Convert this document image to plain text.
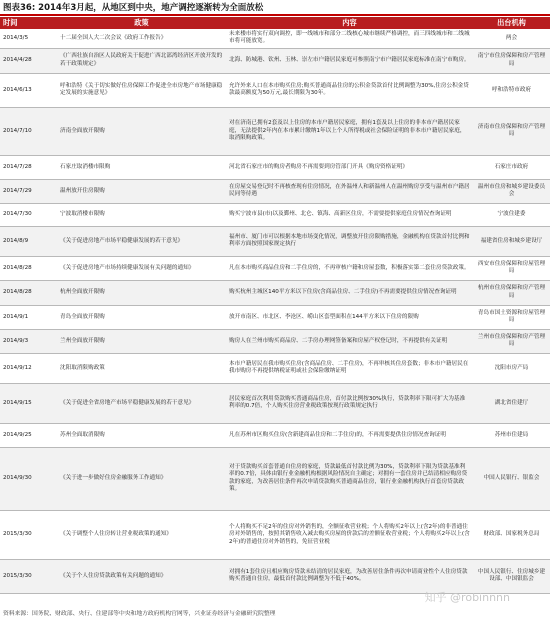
图表36: 2014年3月起，从地区到中央，地产调控逐渐转为全面放松
时间	政策	内容	出台机构
2014/3/5	十二届全国人大二次会议《政府工作报告》	未来楼市将实行双向调控，即一线城市和部分二线核心城市继续严格调控，而三四线城市和二线城市将可能放宽。	两会
2014/4/28	《广西壮族自治区人民政府关于促进广西北部湾经济区开放开发的若干政策规定》	北海、防城港、钦州、玉林、崇左市户籍居民家庭可参照南宁市户籍居民家庭标准在南宁市购房。	南宁市住房保障和房产管理局
2014/6/13	呼和浩特《关于切实做好住房保障工作促进全市房地产市场健康稳定发展的实施意见》	允许外来人口在本市购买住房;购买普通商品住房的公积金贷款首付比例调整为30%,住房公积金贷款最高额度为50万元,最长期限为30年。	呼和浩特市政府
2014/7/10	济南全面放开限购	对在济南已拥有2套及以上住房的本市户籍居民家庭，拥有1套及以上住房的非本市户籍居民家庭，无法提供2年内在本市累计缴纳1年以上个人所得税或社会保险证明的非本市户籍居民家庭，取消限购政策。	济南市住房保障和房产管理局
2014/7/28	石家庄取消楼市限购	河北省石家庄市的购房者购房不再需要到房管部门开具《购房资格证明》	石家庄市政府
2014/7/29	温州放开住房限购	在房屋交易登记时不再核查现有住房情况，在外温州人和新温州人在温州购房享受与温州市户籍居民同等待遇	温州市住房和城乡建设委员会
2014/7/30	宁波取消楼市限购	购买宁波市县(市)以及鄞州、北仑、镇海、高新区住房，不需要提供家庭住房情况查询证明	宁波住建委
2014/8/9	《关于促进房地产市场平稳健康发展的若干意见》	福州市、厦门市可以根据本地市场变化情况，调整放开住房限购措施，金融机构在贷款首付比例和利率方面按照国家规定执行	福建省住房和城乡建设厅
2014/8/28	《关于促进房地产市场持续健康发展有关问题的通知》	凡在本市购买商品住房和二手住房的，不再审核户籍和房屋套数，积极落实第二套住房贷款政策。	西安市住房保障和房屋管理局
2014/8/28	杭州全面放开限购	购买杭州主城区140平方米以下住房(含商品住房、二手住房)不再需要提供住房情况查询证明	杭州市住房保障和房产管理局
2014/9/1	青岛全面放开限购	放开市南区、市北区、李沧区、崂山区套型面积在144平方米以下住房的限购	青岛市国土资源和房屋管理局
2014/9/3	兰州全面放开限购	购房人在兰州市购买商品房、二手房办理网签备案和房屋产权登记时，不再提供有关证明	兰州市住房保障和房产管理局
2014/9/12	沈阳取消限购政策	本市户籍居民在我市购买住房(含商品住房、二手住房)，不再审核其住房套数；非本市户籍居民在我市购房不再提供纳税证明或社会保险缴纳证明	沈阳市房产局
2014/9/15	《关于促进全省房地产市场平稳健康发展的若干意见》	居民家庭首次利用贷款购买普通商品住房，首付款比例按30%执行，贷款利率下限可扩大为基准利率的0.7倍，个人购买住房营业税政策按现行政策规定执行	湖北省住建厅
2014/9/25	苏州全面取消限购	凡在苏州市区购买住房(含新建商品住房和二手住房)的，不再需要提供住房情况查询证明	苏州市住建局
2014/9/30	《关于进一步做好住房金融服务工作通知》	对于贷款购买首套普通自住房的家庭，贷款最低首付款比例为30%，贷款利率下限为贷款基准利率的0.7倍，具体由银行业金融机构根据风险情况自主确定；对拥有一套住房并已结清相应购房贷款的家庭，为改善居住条件再次申请贷款购买普通商品住房，银行业金融机构执行首套房贷款政策。	中国人民银行、银监会
2015/3/30	《关于调整个人住房转让营业税政策的通知》	个人将购买不足2年的住房对外销售的，全额征收营业税；个人将购买2年以上(含2年)的非普通住房对外销售的，按照其销售收入减去购买房屋的价款后的差额征收营业税；个人将购买2年以上(含2年)的普通住房对外销售的，免征营业税	财政部、国家税务总局
2015/3/30	《关于个人住房贷款政策有关问题的通知》	对拥有1套住房且相应购房贷款未结清的居民家庭，为改善居住条件再次申请商业性个人住房贷款购买普通自住房，最低首付款比例调整为不低于40%。	中国人民银行、住房城乡建设部、中国银监会
知乎 @robinnnn
资料来源：国务院、财政部、央行、住建部等中央和地方政府机构官网等，兴业证券经济与金融研究院整理
